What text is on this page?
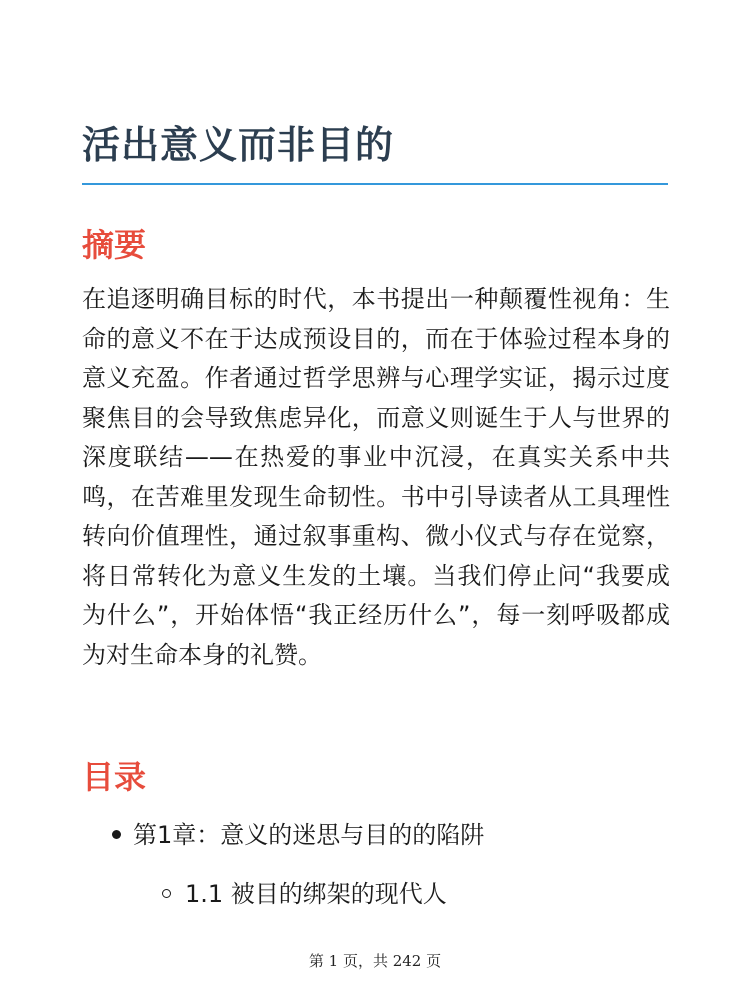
活出意义而非目的
摘要

在追逐明确目标的时代，本书提出一种颠覆性视角：生命的意义不在于达成预设目的，而在于体验过程本身的意义充盈。作者通过哲学思辨与心理学实证，揭示过度聚焦目的会导致焦虑异化，而意义则诞生于人与世界的深度联结——在热爱的事业中沉浸，在真实关系中共鸣，在苦难里发现生命韧性。书中引导读者从工具理性转向价值理性，通过叙事重构、微小仪式与存在觉察，将日常转化为意义生发的土壤。当我们停止问“我要成为什么”，开始体悟“我正经历什么”，每一刻呼吸都成为对生命本身的礼赞。

目录
第1章：意义的迷思与目的的陷阱
1.1 被目的绑架的现代人
第 1 页，共 242 页
